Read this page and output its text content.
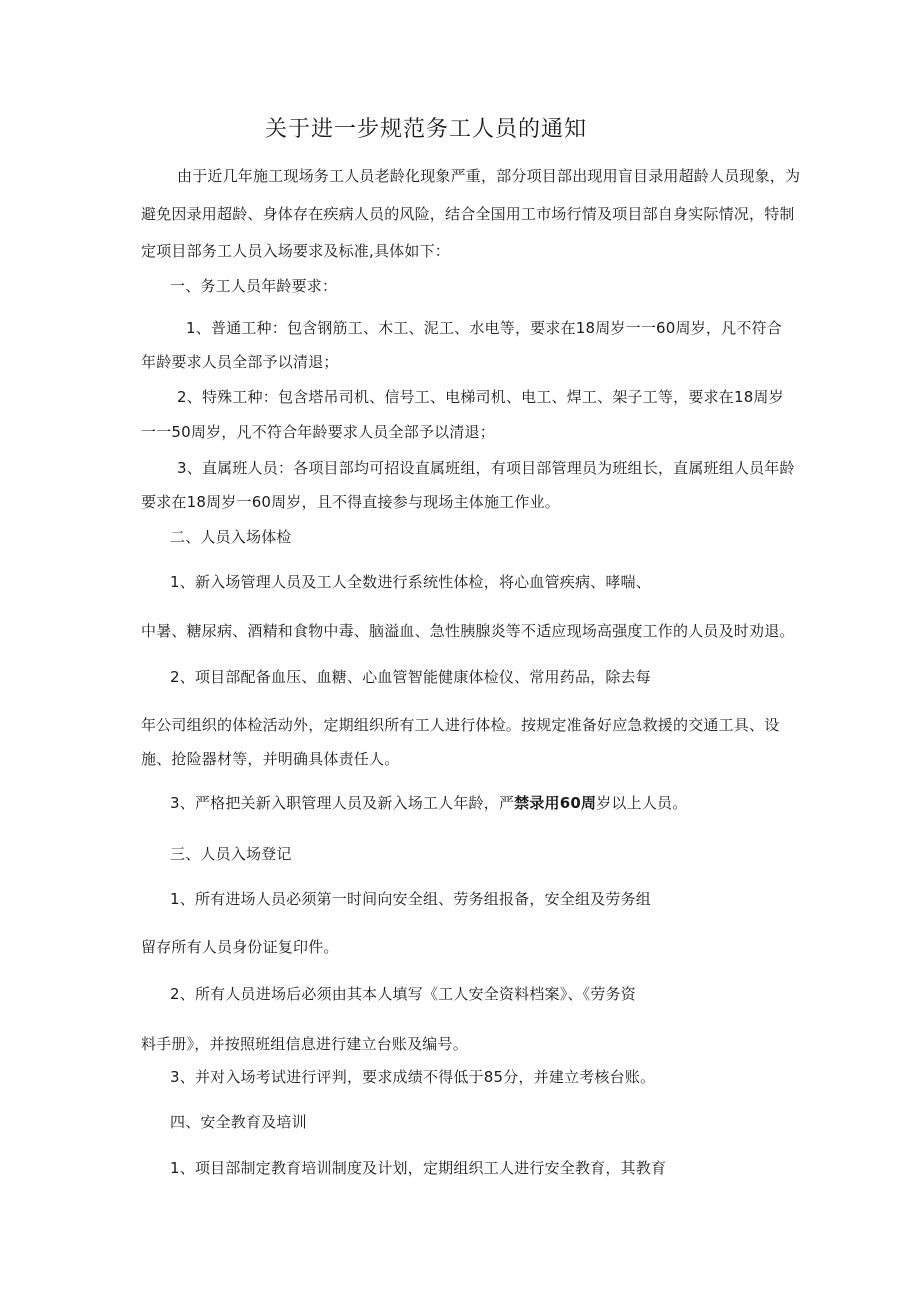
关于进一步规范务工人员的通知
由于近几年施工现场务工人员老龄化现象严重，部分项目部出现用盲目录用超龄人员现象，为
避免因录用超龄、身体存在疾病人员的风险，结合全国用工市场行情及项目部自身实际情况，特制
定项目部务工人员入场要求及标准,具体如下：
一、务工人员年龄要求：
1、普通工种：包含钢筋工、木工、泥工、水电等，要求在18周岁一一60周岁，凡不符合
年龄要求人员全部予以清退；
2、特殊工种：包含塔吊司机、信号工、电梯司机、电工、焊工、架子工等，要求在18周岁
一一50周岁，凡不符合年龄要求人员全部予以清退；
3、直属班人员：各项目部均可招设直属班组，有项目部管理员为班组长，直属班组人员年龄
要求在18周岁一60周岁，且不得直接参与现场主体施工作业。
二、人员入场体检
1、新入场管理人员及工人全数进行系统性体检，将心血管疾病、哮喘、
中暑、糖尿病、酒精和食物中毒、脑溢血、急性胰腺炎等不适应现场高强度工作的人员及时劝退。
2、项目部配备血压、血糖、心血管智能健康体检仪、常用药品，除去每
年公司组织的体检活动外，定期组织所有工人进行体检。按规定准备好应急救援的交通工具、设
施、抢险器材等，并明确具体责任人。
3、严格把关新入职管理人员及新入场工人年龄，严禁录用60周岁以上人员。
三、人员入场登记
1、所有进场人员必须第一时间向安全组、劳务组报备，安全组及劳务组
留存所有人员身份证复印件。
2、所有人员进场后必须由其本人填写《工人安全资料档案》、《劳务资
料手册》，并按照班组信息进行建立台账及编号。
3、并对入场考试进行评判，要求成绩不得低于85分，并建立考核台账。
四、安全教育及培训
1、项目部制定教育培训制度及计划，定期组织工人进行安全教育，其教育
